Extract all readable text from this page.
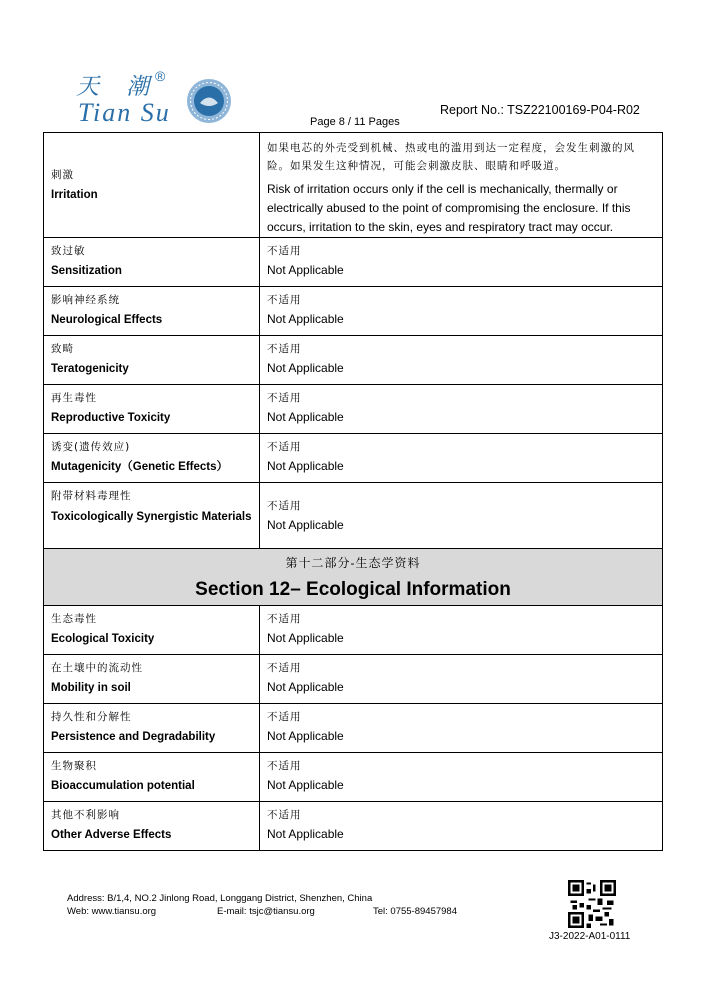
天 潮
®
Tian Su	Report No.: TSZ22100169-P04-R02
Page 8 / 11 Pages
刺激
Irritation	如果电芯的外壳受到机械、热或电的滥用到达一定程度，会发生刺激的风险。如果发生这种情况，可能会刺激皮肤、眼睛和呼吸道。
Risk of irritation occurs only if the cell is mechanically, thermally or electrically abused to the point of compromising the enclosure. If this occurs, irritation to the skin, eyes and respiratory tract may occur.

致过敏
Sensitization	不适用
Not Applicable

影响神经系统
Neurological Effects	不适用
Not Applicable

致畸
Teratogenicity	不适用
Not Applicable

再生毒性
Reproductive Toxicity	不适用
Not Applicable

诱变(遗传效应)
Mutagenicity（Genetic Effects）	不适用
Not Applicable

附带材料毒理性
Toxicologically Synergistic Materials	不适用
Not Applicable

第十二部分-生态学资料
Section 12– Ecological Information	

生态毒性
Ecological Toxicity	不适用
Not Applicable

在土壤中的流动性
Mobility in soil	不适用
Not Applicable

持久性和分解性
Persistence and Degradability	不适用
Not Applicable

生物聚积
Bioaccumulation potential	不适用
Not Applicable

其他不利影响
Other Adverse Effects	不适用
Not Applicable
Address: B/1,4, NO.2 Jinlong Road, Longgang District, Shenzhen, China
Web: www.tiansu.org	E-mail: tsjc@tiansu.org	Tel: 0755-89457984
J3-2022-A01-0111
